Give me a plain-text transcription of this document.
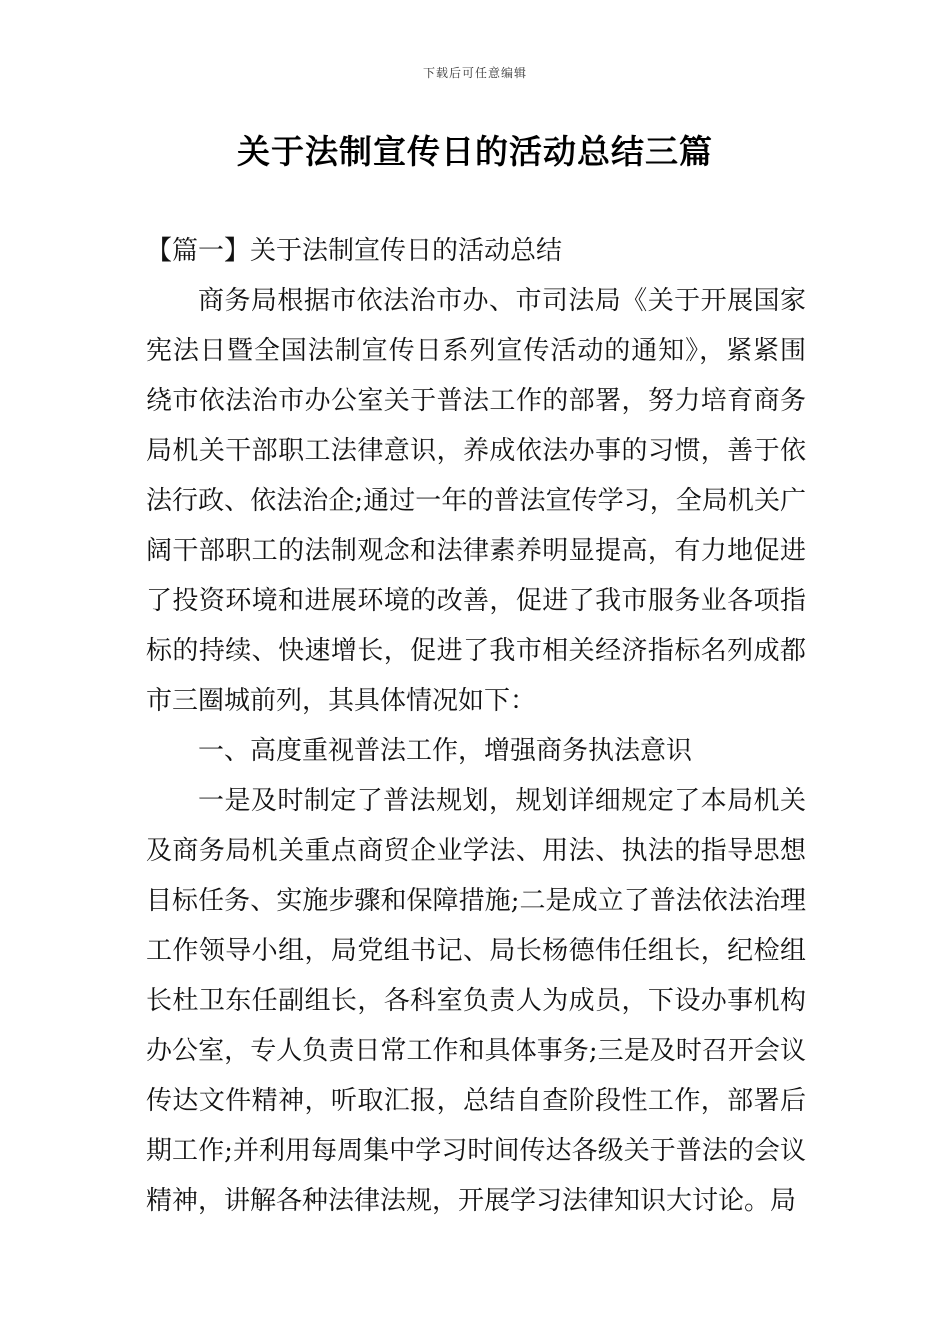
下载后可任意编辑
关于法制宣传日的活动总结三篇

【篇一】关于法制宣传日的活动总结

商务局根据市依法治市办、市司法局《关于开展国家宪法日暨全国法制宣传日系列宣传活动的通知》，紧紧围绕市依法治市办公室关于普法工作的部署，努力培育商务局机关干部职工法律意识，养成依法办事的习惯，善于依法行政、依法治企;通过一年的普法宣传学习，全局机关广阔干部职工的法制观念和法律素养明显提高，有力地促进了投资环境和进展环境的改善，促进了我市服务业各项指标的持续、快速增长，促进了我市相关经济指标名列成都市三圈城前列，其具体情况如下：

一、高度重视普法工作，增强商务执法意识

一是及时制定了普法规划，规划详细规定了本局机关及商务局机关重点商贸企业学法、用法、执法的指导思想目标任务、实施步骤和保障措施;二是成立了普法依法治理工作领导小组，局党组书记、局长杨德伟任组长，纪检组长杜卫东任副组长，各科室负责人为成员，下设办事机构办公室，专人负责日常工作和具体事务;三是及时召开会议传达文件精神，听取汇报，总结自查阶段性工作，部署后期工作;并利用每周集中学习时间传达各级关于普法的会议精神，讲解各种法律法规，开展学习法律知识大讨论。局
